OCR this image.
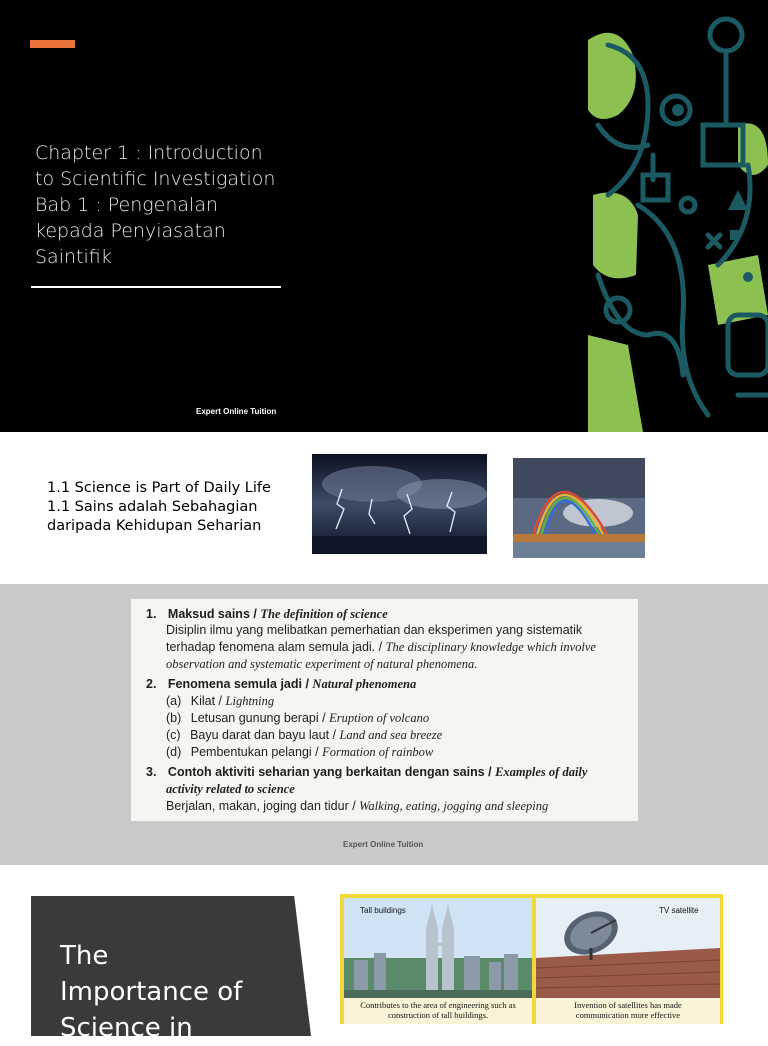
Chapter 1 : Introduction
to Scientific Investigation
Bab 1 : Pengenalan
kepada Penyiasatan
Saintifik
Expert Online Tuition
1.1 Science is Part of Daily Life
1.1 Sains adalah Sebahagian
daripada Kehidupan Seharian
1. Maksud sains / The definition of science
Disiplin ilmu yang melibatkan pemerhatian dan eksperimen yang sistematik
terhadap fenomena alam semula jadi. / The disciplinary knowledge which involve
observation and systematic experiment of natural phenomena.
2. Fenomena semula jadi / Natural phenomena
(a) Kilat / Lightning
(b) Letusan gunung berapi / Eruption of volcano
(c) Bayu darat dan bayu laut / Land and sea breeze
(d) Pembentukan pelangi / Formation of rainbow
3. Contoh aktiviti seharian yang berkaitan dengan sains / Examples of daily
activity related to science
Berjalan, makan, joging dan tidur / Walking, eating, jogging and sleeping
Expert Online Tuition
The
Importance of
Science in
Tall buildings	TV satellite
Contributes to the area of engineering such as
construction of tall buildings.
Invention of satellites has made
communication more effective
